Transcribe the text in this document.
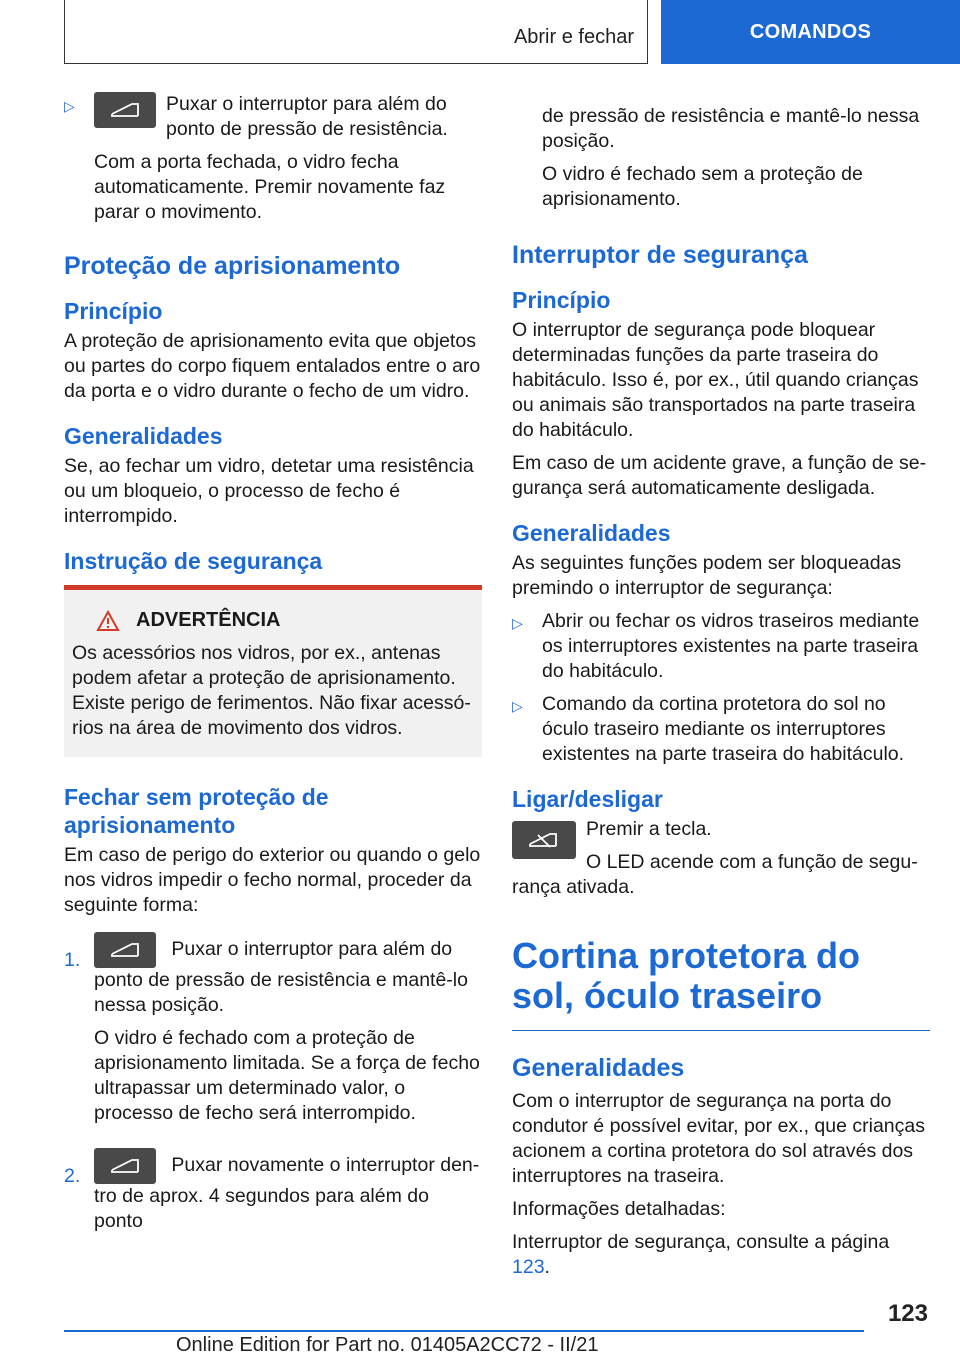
Abrir e fechar	COMANDOS
▷	Puxar o interruptor para além do ponto de pressão de resistência.

Com a porta fechada, o vidro fecha automaticamente. Premir novamente faz parar o movimento.

Proteção de aprisionamento
Princípio

A proteção de aprisionamento evita que objetos ou partes do corpo fiquem entalados entre o aro da porta e o vidro durante o fecho de um vidro.

Generalidades

Se, ao fechar um vidro, detetar uma resistência ou um bloqueio, o processo de fecho é interrompido.

Instrução de segurança
ADVERTÊNCIA

Os acessórios nos vidros, por ex., antenas podem afetar a proteção de aprisionamento. Existe perigo de ferimentos. Não fixar acessórios na área de movimento dos vidros.

Fechar sem proteção de aprisionamento

Em caso de perigo do exterior ou quando o gelo nos vidros impedir o fecho normal, proceder da seguinte forma:

1.	Puxar o interruptor para além do ponto de pressão de resistência e mantê-lo nessa posição.

O vidro é fechado com a proteção de aprisionamento limitada. Se a força de fecho ultrapassar um determinado valor, o processo de fecho será interrompido.

2.	Puxar novamente o interruptor dentro de aprox. 4 segundos para além do ponto

de pressão de resistência e mantê-lo nessa posição.

O vidro é fechado sem a proteção de aprisionamento.

Interruptor de segurança
Princípio

O interruptor de segurança pode bloquear determinadas funções da parte traseira do habitáculo. Isso é, por ex., útil quando crianças ou animais são transportados na parte traseira do habitáculo.

Em caso de um acidente grave, a função de segurança será automaticamente desligada.

Generalidades

As seguintes funções podem ser bloqueadas premindo o interruptor de segurança:

▷ Abrir ou fechar os vidros traseiros mediante os interruptores existentes na parte traseira do habitáculo.
▷ Comando da cortina protetora do sol no óculo traseiro mediante os interruptores existentes na parte traseira do habitáculo.
Ligar/desligar

Premir a tecla.

O LED acende com a função de segurança ativada.

Cortina protetora do sol, óculo traseiro
Generalidades

Com o interruptor de segurança na porta do condutor é possível evitar, por ex., que crianças acionem a cortina protetora do sol através dos interruptores na traseira.

Informações detalhadas:

Interruptor de segurança, consulte a página 123.

123
Online Edition for Part no. 01405A2CC72 - II/21
